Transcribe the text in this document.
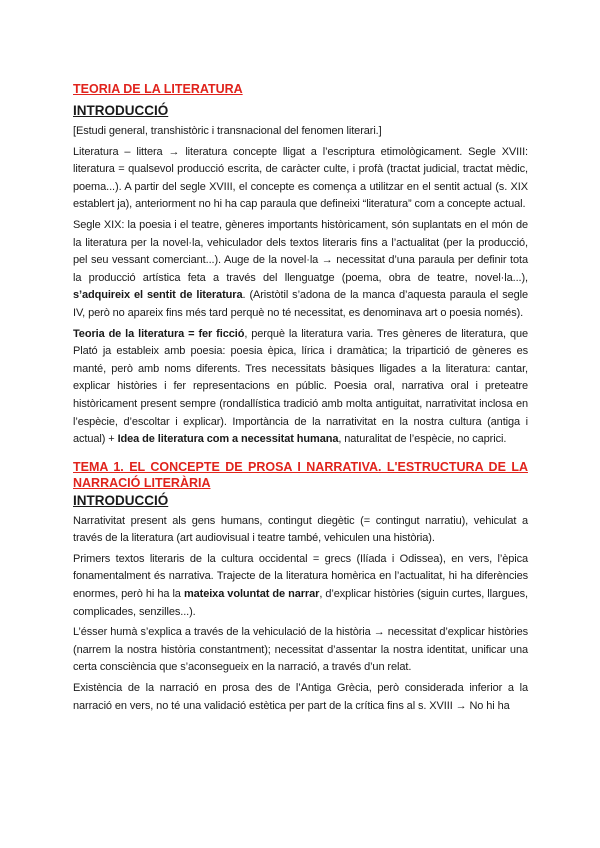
TEORIA DE LA LITERATURA
INTRODUCCIÓ

[Estudi general, transhistòric i transnacional del fenomen literari.]

Literatura – littera → literatura concepte lligat a l’escriptura etimològicament. Segle XVIII: literatura = qualsevol producció escrita, de caràcter culte, i profà (tractat judicial, tractat mèdic, poema...). A partir del segle XVIII, el concepte es comença a utilitzar en el sentit actual (s. XIX establert ja), anteriorment no hi ha cap paraula que defineixi “literatura” com a concepte actual.

Segle XIX: la poesia i el teatre, gèneres importants històricament, són suplantats en el món de la literatura per la novel·la, vehiculador dels textos literaris fins a l’actualitat (per la producció, pel seu vessant comerciant...). Auge de la novel·la → necessitat d’una paraula per definir tota la producció artística feta a través del llenguatge (poema, obra de teatre, novel·la...), s’adquireix el sentit de literatura. (Aristòtil s’adona de la manca d’aquesta paraula el segle IV, però no apareix fins més tard perquè no té necessitat, es denominava art o poesia només).

Teoria de la literatura = fer ficció, perquè la literatura varia. Tres gèneres de literatura, que Plató ja estableix amb poesia: poesia èpica, lírica i dramàtica; la tripartició de gèneres es manté, però amb noms diferents. Tres necessitats bàsiques lligades a la literatura: cantar, explicar històries i fer representacions en públic. Poesia oral, narrativa oral i preteatre històricament present sempre (rondallística tradició amb molta antiguitat, narrativitat inclosa en l’espècie, d’escoltar i explicar). Importància de la narrativitat en la nostra cultura (antiga i actual) + Idea de literatura com a necessitat humana, naturalitat de l’espècie, no caprici.

TEMA 1. EL CONCEPTE DE PROSA I NARRATIVA. L'ESTRUCTURA DE LA NARRACIÓ LITERÀRIA
INTRODUCCIÓ

Narrativitat present als gens humans, contingut diegètic (= contingut narratiu), vehiculat a través de la literatura (art audiovisual i teatre també, vehiculen una història).

Primers textos literaris de la cultura occidental = grecs (Ilíada i Odissea), en vers, l’èpica fonamentalment és narrativa. Trajecte de la literatura homèrica en l’actualitat, hi ha diferències enormes, però hi ha la mateixa voluntat de narrar, d’explicar històries (siguin curtes, llargues, complicades, senzilles...).

L’ésser humà s’explica a través de la vehiculació de la història → necessitat d’explicar històries (narrem la nostra història constantment); necessitat d’assentar la nostra identitat, unificar una certa consciència que s’aconsegueix en la narració, a través d’un relat.

Existència de la narració en prosa des de l’Antiga Grècia, però considerada inferior a la narració en vers, no té una validació estètica per part de la crítica fins al s. XVIII → No hi ha
